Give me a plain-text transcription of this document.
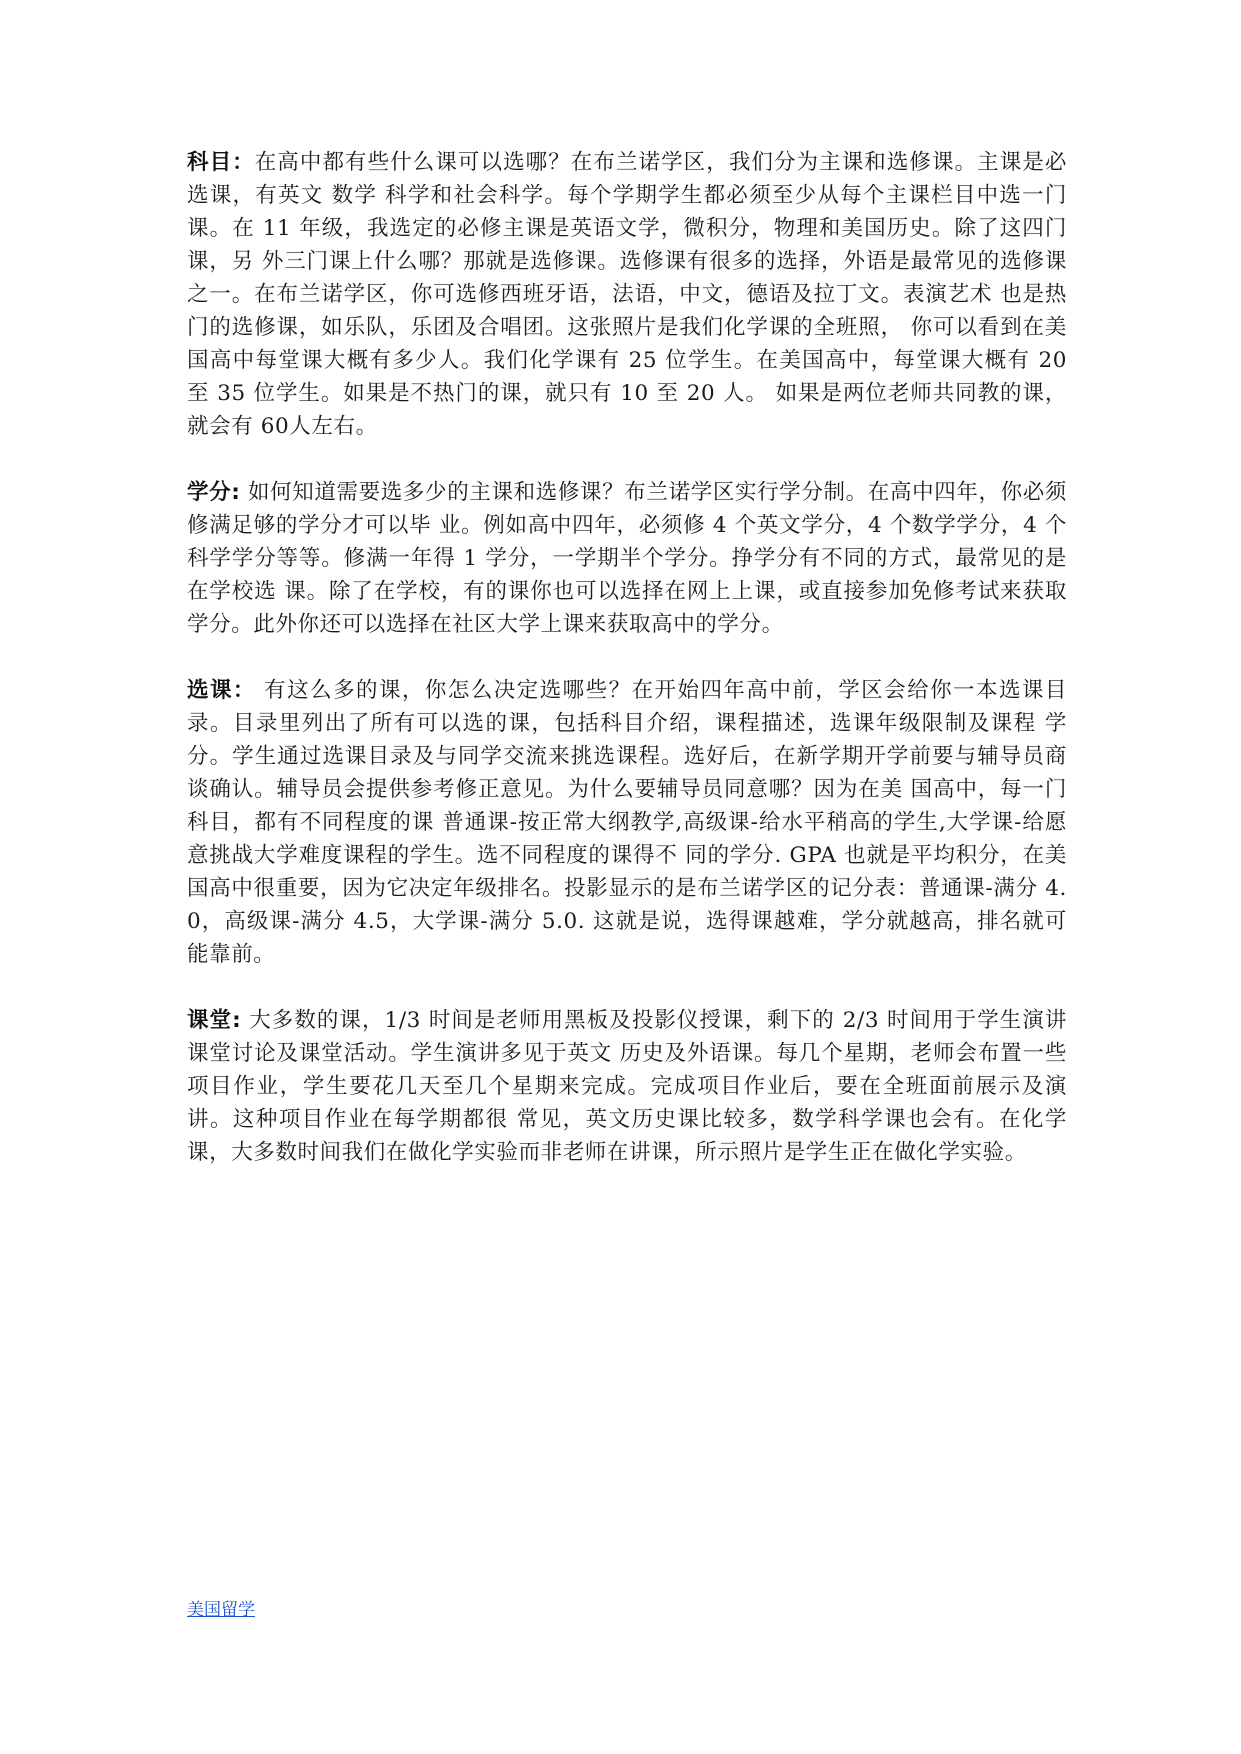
科目：在高中都有些什么课可以选哪？在布兰诺学区，我们分为主课和选修课。主课是必选课，有英文 数学 科学和社会科学。每个学期学生都必须至少从每个主课栏目中选一门课。在 11 年级，我选定的必修主课是英语文学，微积分，物理和美国历史。除了这四门课，另 外三门课上什么哪？那就是选修课。选修课有很多的选择，外语是最常见的选修课之一。在布兰诺学区，你可选修西班牙语，法语，中文，德语及拉丁文。表演艺术 也是热门的选修课，如乐队，乐团及合唱团。这张照片是我们化学课的全班照， 你可以看到在美国高中每堂课大概有多少人。我们化学课有 25 位学生。在美国高中，每堂课大概有 20 至 35 位学生。如果是不热门的课，就只有 10 至 20 人。 如果是两位老师共同教的课，就会有 60人左右。

学分: 如何知道需要选多少的主课和选修课？布兰诺学区实行学分制。在高中四年，你必须修满足够的学分才可以毕 业。例如高中四年，必须修 4 个英文学分，4 个数学学分，4 个科学学分等等。修满一年得 1 学分，一学期半个学分。挣学分有不同的方式，最常见的是在学校选 课。除了在学校，有的课你也可以选择在网上上课，或直接参加免修考试来获取学分。此外你还可以选择在社区大学上课来获取高中的学分。

选课： 有这么多的课，你怎么决定选哪些？在开始四年高中前，学区会给你一本选课目录。目录里列出了所有可以选的课，包括科目介绍，课程描述，选课年级限制及课程 学分。学生通过选课目录及与同学交流来挑选课程。选好后，在新学期开学前要与辅导员商谈确认。辅导员会提供参考修正意见。为什么要辅导员同意哪？因为在美 国高中，每一门科目，都有不同程度的课 普通课-按正常大纲教学,高级课-给水平稍高的学生,大学课-给愿意挑战大学难度课程的学生。选不同程度的课得不 同的学分. GPA 也就是平均积分，在美国高中很重要，因为它决定年级排名。投影显示的是布兰诺学区的记分表：普通课-满分 4.0，高级课-满分 4.5，大学课-满分 5.0. 这就是说，选得课越难，学分就越高，排名就可能靠前。

课堂: 大多数的课，1/3 时间是老师用黑板及投影仪授课，剩下的 2/3 时间用于学生演讲 课堂讨论及课堂活动。学生演讲多见于英文 历史及外语课。每几个星期，老师会布置一些项目作业，学生要花几天至几个星期来完成。完成项目作业后，要在全班面前展示及演讲。这种项目作业在每学期都很 常见，英文历史课比较多，数学科学课也会有。在化学课，大多数时间我们在做化学实验而非老师在讲课，所示照片是学生正在做化学实验。

美国留学
